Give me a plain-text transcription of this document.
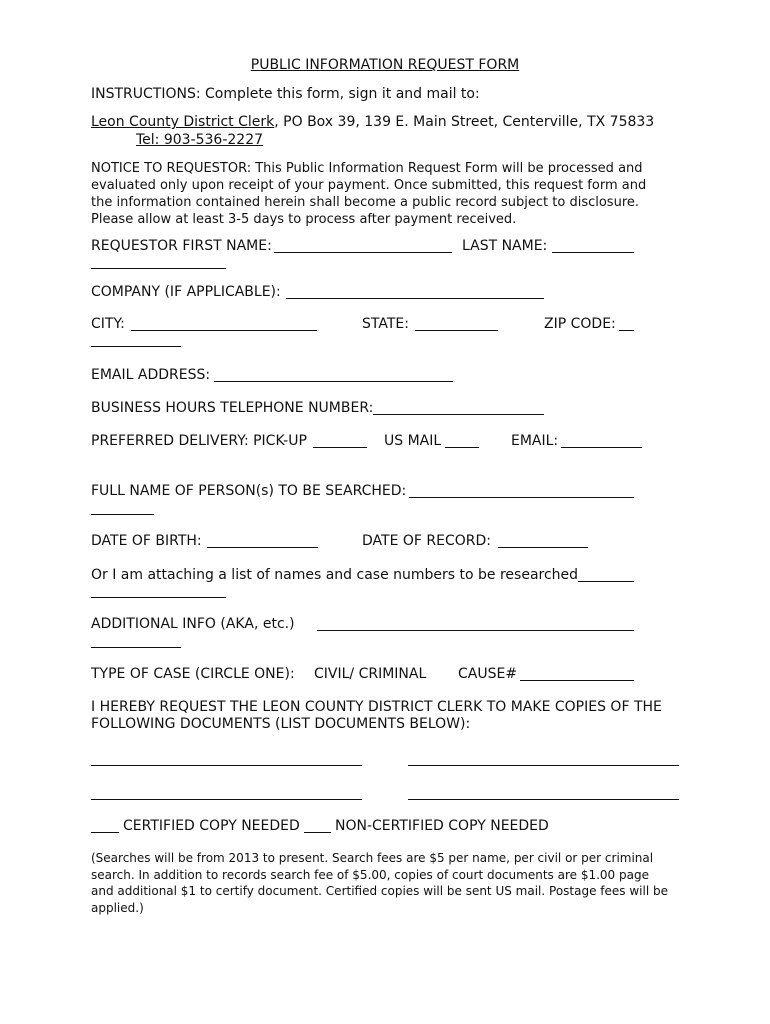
PUBLIC INFORMATION REQUEST FORM
INSTRUCTIONS: Complete this form, sign it and mail to:
Leon County District Clerk, PO Box 39, 139 E. Main Street, Centerville, TX 75833
Tel: 903-536-2227
NOTICE TO REQUESTOR: This Public Information Request Form will be processed and evaluated only upon receipt of your payment. Once submitted, this request form and the information contained herein shall become a public record subject to disclosure. Please allow at least 3-5 days to process after payment received.
REQUESTOR FIRST NAME:	LAST NAME:
COMPANY (IF APPLICABLE):
CITY:	STATE:	ZIP CODE:
EMAIL ADDRESS:
BUSINESS HOURS TELEPHONE NUMBER:
PREFERRED DELIVERY: PICK-UP	US MAIL	EMAIL:
FULL NAME OF PERSON(s) TO BE SEARCHED:
DATE OF BIRTH:	DATE OF RECORD:
Or I am attaching a list of names and case numbers to be researched
ADDITIONAL INFO (AKA, etc.)
TYPE OF CASE (CIRCLE ONE): CIVIL/ CRIMINAL CAUSE#
I HEREBY REQUEST THE LEON COUNTY DISTRICT CLERK TO MAKE COPIES OF THE FOLLOWING DOCUMENTS (LIST DOCUMENTS BELOW):
CERTIFIED COPY NEEDED	NON-CERTIFIED COPY NEEDED
(Searches will be from 2013 to present. Search fees are $5 per name, per civil or per criminal search. In addition to records search fee of $5.00, copies of court documents are $1.00 page and additional $1 to certify document. Certified copies will be sent US mail. Postage fees will be applied.)
